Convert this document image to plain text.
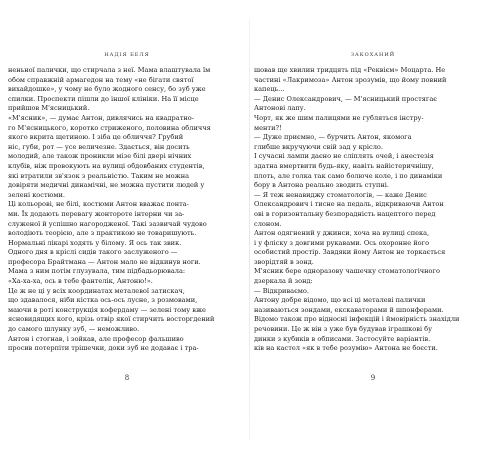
НАДІЯ БЕЛЯ
неньної палички, що стирчала з неї. Мама влаштувала їм
обом справжній армагедон на тему «не бігати святої
вихайдошке», у чому не було жодного сенсу, бо зуб уже
спилки. Проспекти пішли до іншої клініки. На її місце
прийшов М'ясницький.
«М'ясник», — думає Антон, дивлячись на квадратно-
го М'ясницького, коротко стриженого, половина обличчя
якого вкрита щетиною. І зіба це обличчя? Грубий
ніс, губи, рот — усе величезне. Здається, він досить
молодий, але також проникли мізе білі двері нічних
клубів, ніж провокують на вулиці обдовбаних студентів,
які втратили зв'язок з реальністю. Таким не можна
довіряти медичні динамічні, не можна пустити людей у
зелені костюми.
Ці кольорові, не білі, костюми Антон вважає понта-
ми. Їх додають перевагу жонтороте інтерни чи за-
служеної й успішно нагородженої. Такі зазвичай чудово
володіють теорією, але з практикою не товаришують.
Нормальні лікарі ходять у білому. Я ось так звик.
Одного дня в кріслі сидів такого заслуженого —
професора Брайтмана — Антон мало не відкинув ноги.
Мама з ним потім глузувала, тим підбадьорювала:
«Ха-ха-ха, ось в тебе фантелік, Антоню!».
Це ж не ці у всіх координатах металевої затискач,
що здавалося, ніби кістка ось-ось лусне, з розмовами,
маючи в роті конструкція кофердаму — зелені тому вже
ясновидящих кого, крізь отвір якої стирчить восторгдений
до самого шлунку зуб, — неможливо.
Антон і стогнав, і зойкав, але професор фальшиво
просив потерпіти трішечки, доки зуб не додаває і тра-
8
ЗАКОХАНИЙ
шовав ще хвилин тридцять під «Реквієм» Моцарта. Не
частині «Лакримоза» Антон зрозумів, що йому повний
капець...
— Денис Олександрович, — М'ясницький простягає
Антонові лапу.
Чорт, як же шим палицями не губляться інстру-
менти?!
— Дуже приємно, — бурчить Антон, якомога
глибше вкручуючи свій зад у крісло.
І сучасні лампи даєно не сліплять очей, і анестезія
здатна вмертвити будь-яку, навіть найістеричнішу,
плоть, але голка так само болюче коле, і по динаміки
бору в Антона реально зводить ступні.
— Я теж ненавиджу стоматологів, — каже Денис
Олександрович і тисне на педаль, відкриваючи Антон
ові в горизонтальну безпорадність нацептого перед
слоном.
Антон одягнений у джинси, хоча на вулиці спека,
і у фліску з довгими рукавами. Ось охоронне його
особистий простір. Завдяки йому Антон не торкається
зворідтяй в зонд.
М'ясник бере одноразову чашечку стоматологічного
дзеркала й зонд:
— Відкриваємо.
Антону добре відомо, що всі ці металеві палички
називаються зондами, екскаваторами й шпонферами.
Відомо також про відносні інфекцій і ймовірність знахідли
речовини. Це ж він з уже був будував іграшкові бу
динки з кубиків в обписами. Застосуйте варіантів.
ків на кастел «як в тебе розумію» Антона не боєсти.
9
